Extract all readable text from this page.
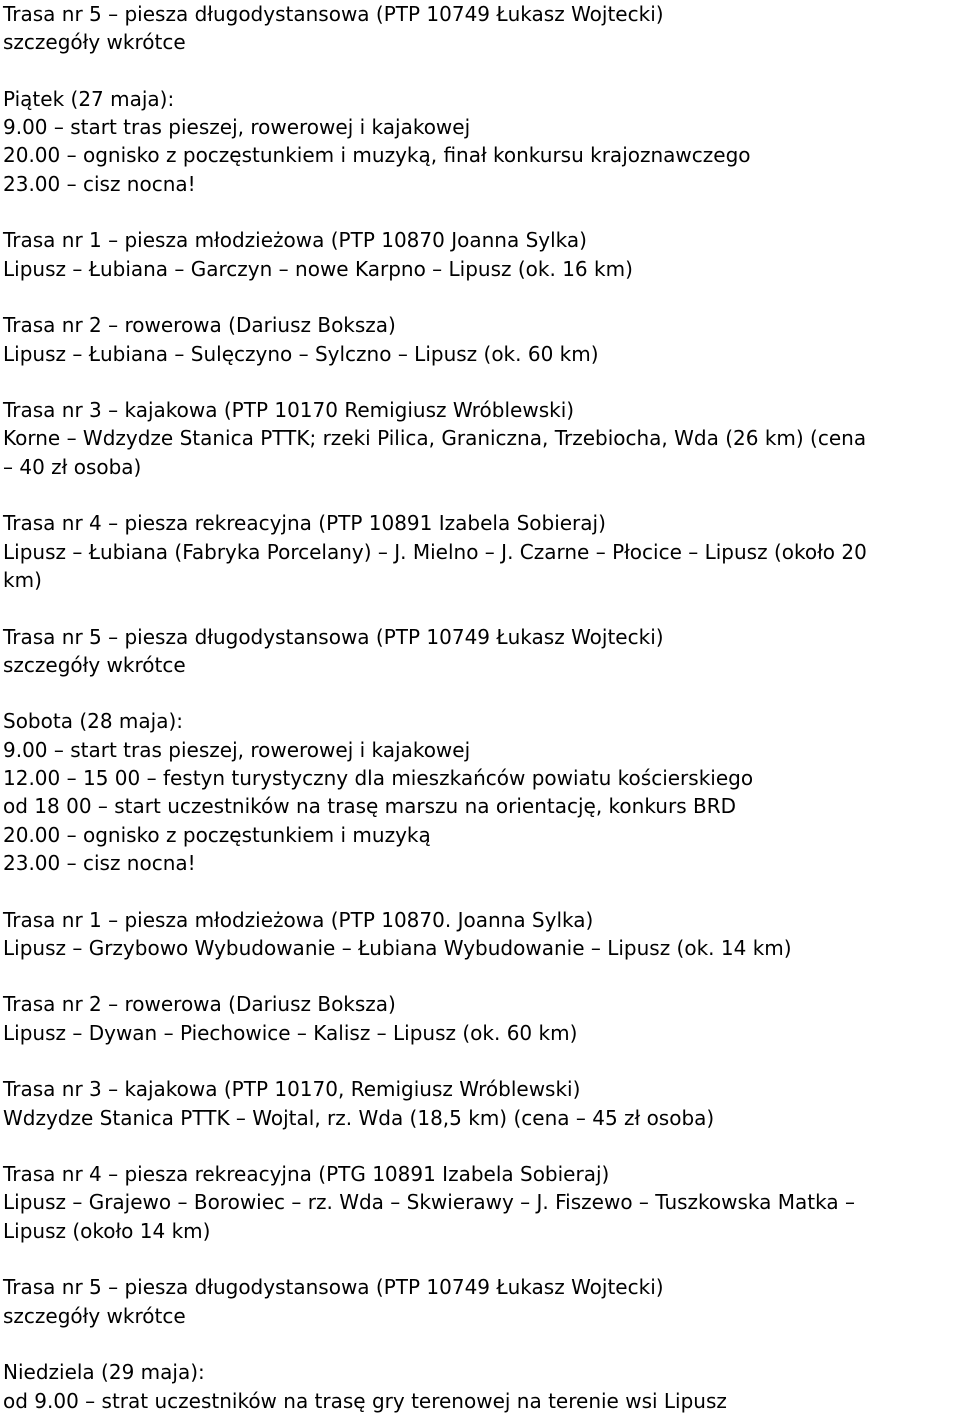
Trasa nr 5 – piesza długodystansowa (PTP 10749 Łukasz Wojtecki)
szczegóły wkrótce
Piątek (27 maja):
9.00 – start tras pieszej, rowerowej i kajakowej
20.00 – ognisko z poczęstunkiem i muzyką, finał konkursu krajoznawczego
23.00 – cisz nocna!
Trasa nr 1 – piesza młodzieżowa (PTP 10870 Joanna Sylka)
Lipusz – Łubiana – Garczyn – nowe Karpno – Lipusz (ok. 16 km)
Trasa nr 2 – rowerowa (Dariusz Boksza)
Lipusz – Łubiana – Sulęczyno – Sylczno – Lipusz (ok. 60 km)
Trasa nr 3 – kajakowa (PTP 10170 Remigiusz Wróblewski)
Korne – Wdzydze Stanica PTTK; rzeki Pilica, Graniczna, Trzebiocha, Wda (26 km) (cena
– 40 zł osoba)
Trasa nr 4 – piesza rekreacyjna (PTP 10891 Izabela Sobieraj)
Lipusz – Łubiana (Fabryka Porcelany) – J. Mielno – J. Czarne – Płocice – Lipusz (około 20
km)
Trasa nr 5 – piesza długodystansowa (PTP 10749 Łukasz Wojtecki)
szczegóły wkrótce
Sobota (28 maja):
9.00 – start tras pieszej, rowerowej i kajakowej
12.00 – 15 00 – festyn turystyczny dla mieszkańców powiatu kościerskiego
od 18 00 – start uczestników na trasę marszu na orientację, konkurs BRD
20.00 – ognisko z poczęstunkiem i muzyką
23.00 – cisz nocna!
Trasa nr 1 – piesza młodzieżowa (PTP 10870. Joanna Sylka)
Lipusz – Grzybowo Wybudowanie – Łubiana Wybudowanie – Lipusz (ok. 14 km)
Trasa nr 2 – rowerowa (Dariusz Boksza)
Lipusz – Dywan – Piechowice – Kalisz – Lipusz (ok. 60 km)
Trasa nr 3 – kajakowa (PTP 10170, Remigiusz Wróblewski)
Wdzydze Stanica PTTK – Wojtal, rz. Wda (18,5 km) (cena – 45 zł osoba)
Trasa nr 4 – piesza rekreacyjna (PTG 10891 Izabela Sobieraj)
Lipusz – Grajewo – Borowiec – rz. Wda – Skwierawy – J. Fiszewo – Tuszkowska Matka –
Lipusz (około 14 km)
Trasa nr 5 – piesza długodystansowa (PTP 10749 Łukasz Wojtecki)
szczegóły wkrótce
Niedziela (29 maja):
od 9.00 – strat uczestników na trasę gry terenowej na terenie wsi Lipusz
